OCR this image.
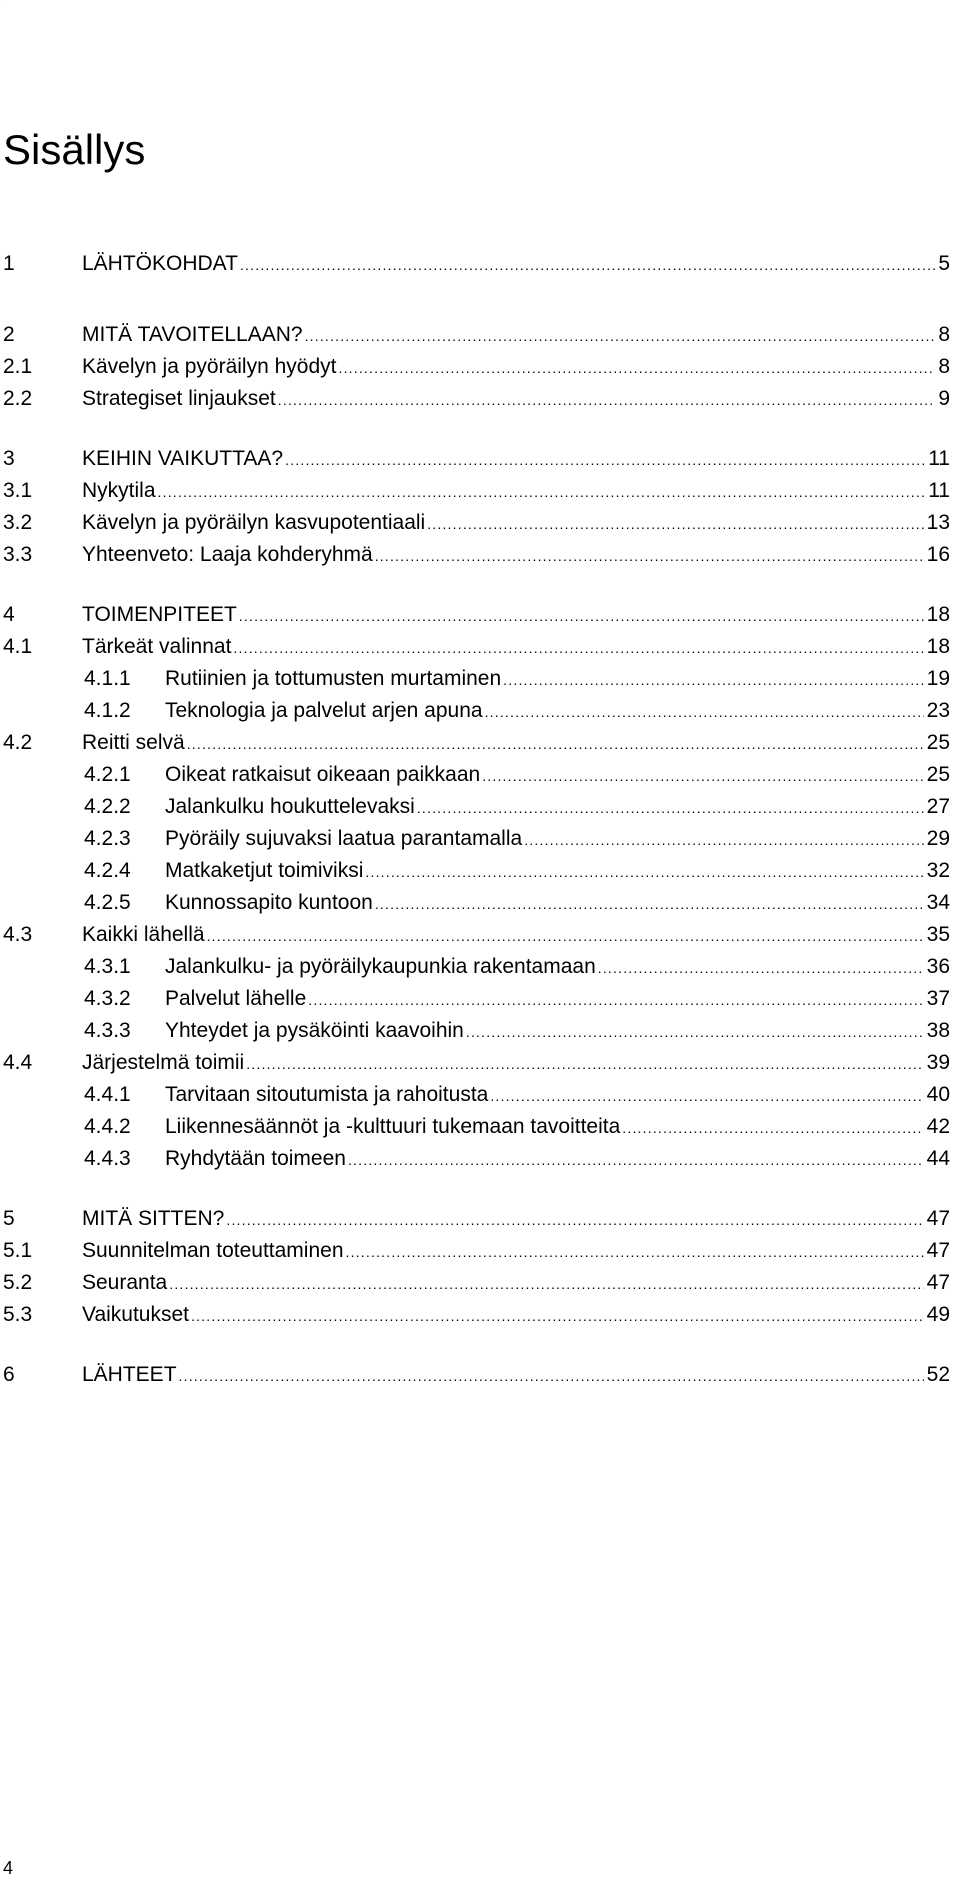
·
Sisällys
1	LÄHTÖKOHDAT .....	5
2	MITÄ TAVOITELLAAN? .....	8
2.1 Kävelyn ja pyöräilyn hyödyt .....	8
2.2 Strategiset linjaukset .....	9
3	KEIHIN VAIKUTTAA? .....	11
3.1 Nykytila .....	11
3.2 Kävelyn ja pyöräilyn kasvupotentiaali .....	13
3.3 Yhteenveto: Laaja kohderyhmä .....	16
4	TOIMENPITEET .....	18
4.1 Tärkeät valinnat .....	18
4.1.1 Rutiinien ja tottumusten murtaminen .....	19
4.1.2 Teknologia ja palvelut arjen apuna .....	23
4.2 Reitti selvä .....	25
4.2.1 Oikeat ratkaisut oikeaan paikkaan .....	25
4.2.2 Jalankulku houkuttelevaksi .....	27
4.2.3 Pyöräily sujuvaksi laatua parantamalla .....	29
4.2.4 Matkaketjut toimiviksi .....	32
4.2.5 Kunnossapito kuntoon .....	34
4.3 Kaikki lähellä .....	35
4.3.1 Jalankulku- ja pyöräilykaupunkia rakentamaan .....	36
4.3.2 Palvelut lähelle .....	37
4.3.3 Yhteydet ja pysäköinti kaavoihin .....	38
4.4 Järjestelmä toimii .....	39
4.4.1 Tarvitaan sitoutumista ja rahoitusta .....	40
4.4.2 Liikennesäännöt ja -kulttuuri tukemaan tavoitteita .....	42
4.4.3 Ryhdytään toimeen .....	44
5	MITÄ SITTEN? .....	47
5.1 Suunnitelman toteuttaminen .....	47
5.2 Seuranta .....	47
5.3 Vaikutukset .....	49
6	LÄHTEET .....	52
4
